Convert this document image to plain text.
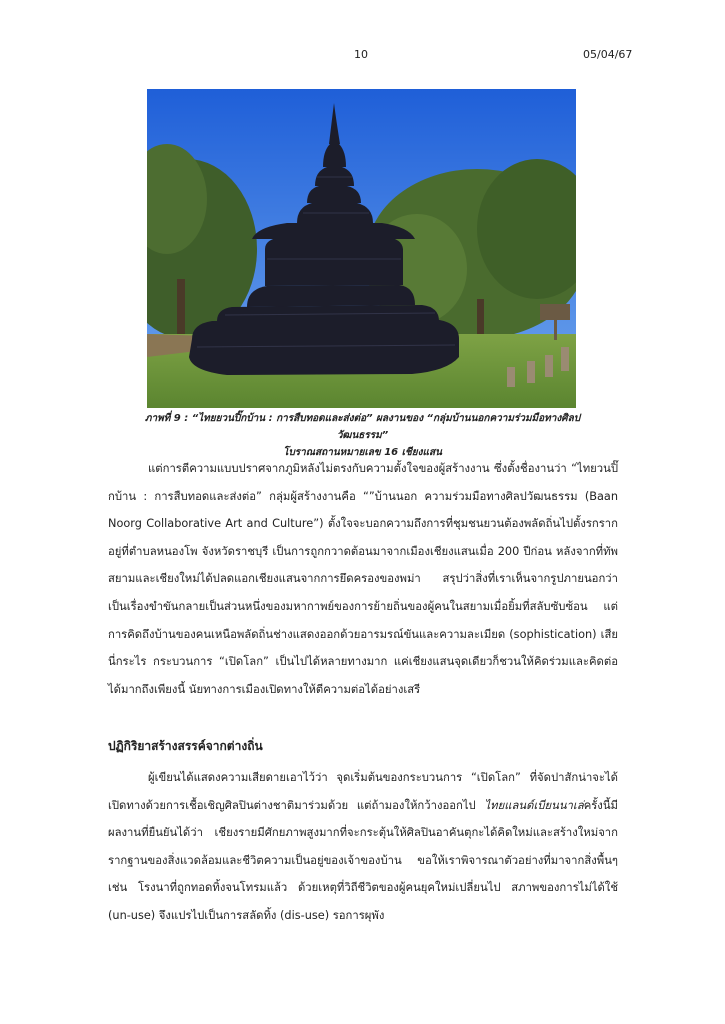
10	05/04/67
ภาพที่ 9 : “ไทยยวนปิ๊กบ้าน : การสืบทอดและส่งต่อ” ผลงานของ “กลุ่มบ้านนอกความร่วมมือทางศิลปวัฒนธรรม”
โบราณสถานหมายเลข 16 เชียงแสน

แต่การตีความแบบปราศจากภูมิหลังไม่ตรงกับความตั้งใจของผู้สร้างงาน ซึ่งตั้งชื่องานว่า “ไทยวนปิ๊กบ้าน : การสืบทอดและส่งต่อ” กลุ่มผู้สร้างงานคือ “”บ้านนอก ความร่วมมือทางศิลปวัฒนธรรม (Baan Noorg Collaborative Art and Culture”) ตั้งใจจะบอกความถึงการที่ชุมชนยวนต้องพลัดถิ่นไปตั้งรกรากอยู่ที่ตำบลหนองโพ จังหวัดราชบุรี เป็นการถูกกวาดต้อนมาจากเมืองเชียงแสนเมื่อ 200 ปีก่อน หลังจากที่ทัพสยามและเชียงใหม่ได้ปลดแอกเชียงแสนจากการยึดครองของพม่า สรุปว่าสิ่งที่เราเห็นจากรูปภายนอกว่าเป็นเรื่องขำขันกลายเป็นส่วนหนึ่งของมหากาพย์ของการย้ายถิ่นของผู้คนในสยามเมื่อยิ้มที่สลับซับซ้อน แต่การคิดถึงบ้านของคนเหนือพลัดถิ่นช่างแสดงออกด้วยอารมรณ์ขันและความละเมียด (sophistication) เสียนี่กระไร กระบวนการ “เปิดโลก” เป็นไปได้หลายทางมาก แค่เชียงแสนจุดเดียวก็ชวนให้คิดร่วมและคิดต่อได้มากถึงเพียงนี้ นัยทางการเมืองเปิดทางให้ตีความต่อได้อย่างเสรี

ปฏิกิริยาสร้างสรรค์จากต่างถิ่น

ผู้เขียนได้แสดงความเสียดายเอาไว้ว่า จุดเริ่มต้นของกระบวนการ “เปิดโลก” ที่จัดปาสักน่าจะได้เปิดทางด้วยการเชื้อเชิญศิลปินต่างชาติมาร่วมด้วย แต่ถ้ามองให้กว้างออกไป ไทยแลนด์เบียนนาเล่ครั้งนี้มีผลงานที่ยืนยันได้ว่า เชียงรายมีศักยภาพสูงมากที่จะกระตุ้นให้ศิลปินอาคันตุกะได้คิดใหม่และสร้างใหม่จากรากฐานของสิ่งแวดล้อมและชีวิตความเป็นอยู่ของเจ้าของบ้าน ขอให้เราพิจารณาตัวอย่างที่มาจากสิ่งพื้นๆ เช่น โรงนาที่ถูกทอดทิ้งจนโทรมแล้ว ด้วยเหตุที่วิถีชีวิตของผู้คนยุคใหม่เปลี่ยนไป สภาพของการไม่ได้ใช้ (un-use) จึงแปรไปเป็นการสลัดทิ้ง (dis-use) รอการผุพัง
